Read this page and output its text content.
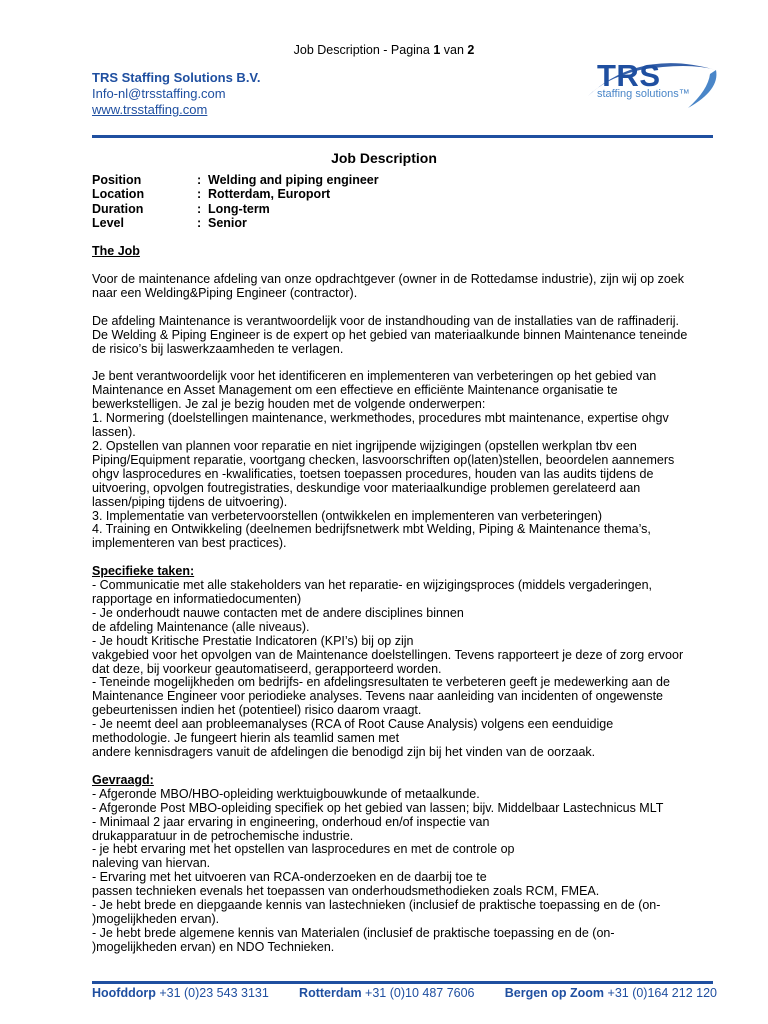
Job Description - Pagina 1 van 2
TRS Staffing Solutions B.V.
Info-nl@trsstaffing.com
www.trsstaffing.com
TRS
staffing solutions™
Job Description
Position	: Welding and piping engineer
Location	: Rotterdam, Europort
Duration	: Long-term
Level	: Senior

The Job

Voor de maintenance afdeling van onze opdrachtgever (owner in de Rottedamse industrie), zijn wij op zoek

naar een Welding&Piping Engineer (contractor).

De afdeling Maintenance is verantwoordelijk voor de instandhouding van de installaties van de raffinaderij.

De Welding & Piping Engineer is de expert op het gebied van materiaalkunde binnen Maintenance teneinde

de risico’s bij laswerkzaamheden te verlagen.

Je bent verantwoordelijk voor het identificeren en implementeren van verbeteringen op het gebied van

Maintenance en Asset Management om een effectieve en efficiënte Maintenance organisatie te

bewerkstelligen. Je zal je bezig houden met de volgende onderwerpen:

1. Normering (doelstellingen maintenance, werkmethodes, procedures mbt maintenance, expertise ohgv

lassen).

2. Opstellen van plannen voor reparatie en niet ingrijpende wijzigingen (opstellen werkplan tbv een

Piping/Equipment reparatie, voortgang checken, lasvoorschriften op(laten)stellen, beoordelen aannemers

ohgv lasprocedures en -kwalificaties, toetsen toepassen procedures, houden van las audits tijdens de

uitvoering, opvolgen foutregistraties, deskundige voor materiaalkundige problemen gerelateerd aan

lassen/piping tijdens de uitvoering).

3. Implementatie van verbetervoorstellen (ontwikkelen en implementeren van verbeteringen)

4. Training en Ontwikkeling (deelnemen bedrijfsnetwerk mbt Welding, Piping & Maintenance thema’s,

implementeren van best practices).

Specifieke taken:

- Communicatie met alle stakeholders van het reparatie- en wijzigingsproces (middels vergaderingen,

rapportage en informatiedocumenten)

- Je onderhoudt nauwe contacten met de andere disciplines binnen

de afdeling Maintenance (alle niveaus).

- Je houdt Kritische Prestatie Indicatoren (KPI’s) bij op zijn

vakgebied voor het opvolgen van de Maintenance doelstellingen. Tevens rapporteert je deze of zorg ervoor

dat deze, bij voorkeur geautomatiseerd, gerapporteerd worden.

- Teneinde mogelijkheden om bedrijfs- en afdelingsresultaten te verbeteren geeft je medewerking aan de

Maintenance Engineer voor periodieke analyses. Tevens naar aanleiding van incidenten of ongewenste

gebeurtenissen indien het (potentieel) risico daarom vraagt.

- Je neemt deel aan probleemanalyses (RCA of Root Cause Analysis) volgens een eenduidige

methodologie. Je fungeert hierin als teamlid samen met

andere kennisdragers vanuit de afdelingen die benodigd zijn bij het vinden van de oorzaak.

Gevraagd:

- Afgeronde MBO/HBO-opleiding werktuigbouwkunde of metaalkunde.

- Afgeronde Post MBO-opleiding specifiek op het gebied van lassen; bijv. Middelbaar Lastechnicus MLT

- Minimaal 2 jaar ervaring in engineering, onderhoud en/of inspectie van

drukapparatuur in de petrochemische industrie.

- je hebt ervaring met het opstellen van lasprocedures en met de controle op

naleving van hiervan.

- Ervaring met het uitvoeren van RCA-onderzoeken en de daarbij toe te

passen technieken evenals het toepassen van onderhoudsmethodieken zoals RCM, FMEA.

- Je hebt brede en diepgaande kennis van lastechnieken (inclusief de praktische toepassing en de (on-

)mogelijkheden ervan).

- Je hebt brede algemene kennis van Materialen (inclusief de praktische toepassing en de (on-

)mogelijkheden ervan) en NDO Technieken.

Hoofddorp +31 (0)23 543 3131 Rotterdam +31 (0)10 487 7606 Bergen op Zoom +31 (0)164 212 120
